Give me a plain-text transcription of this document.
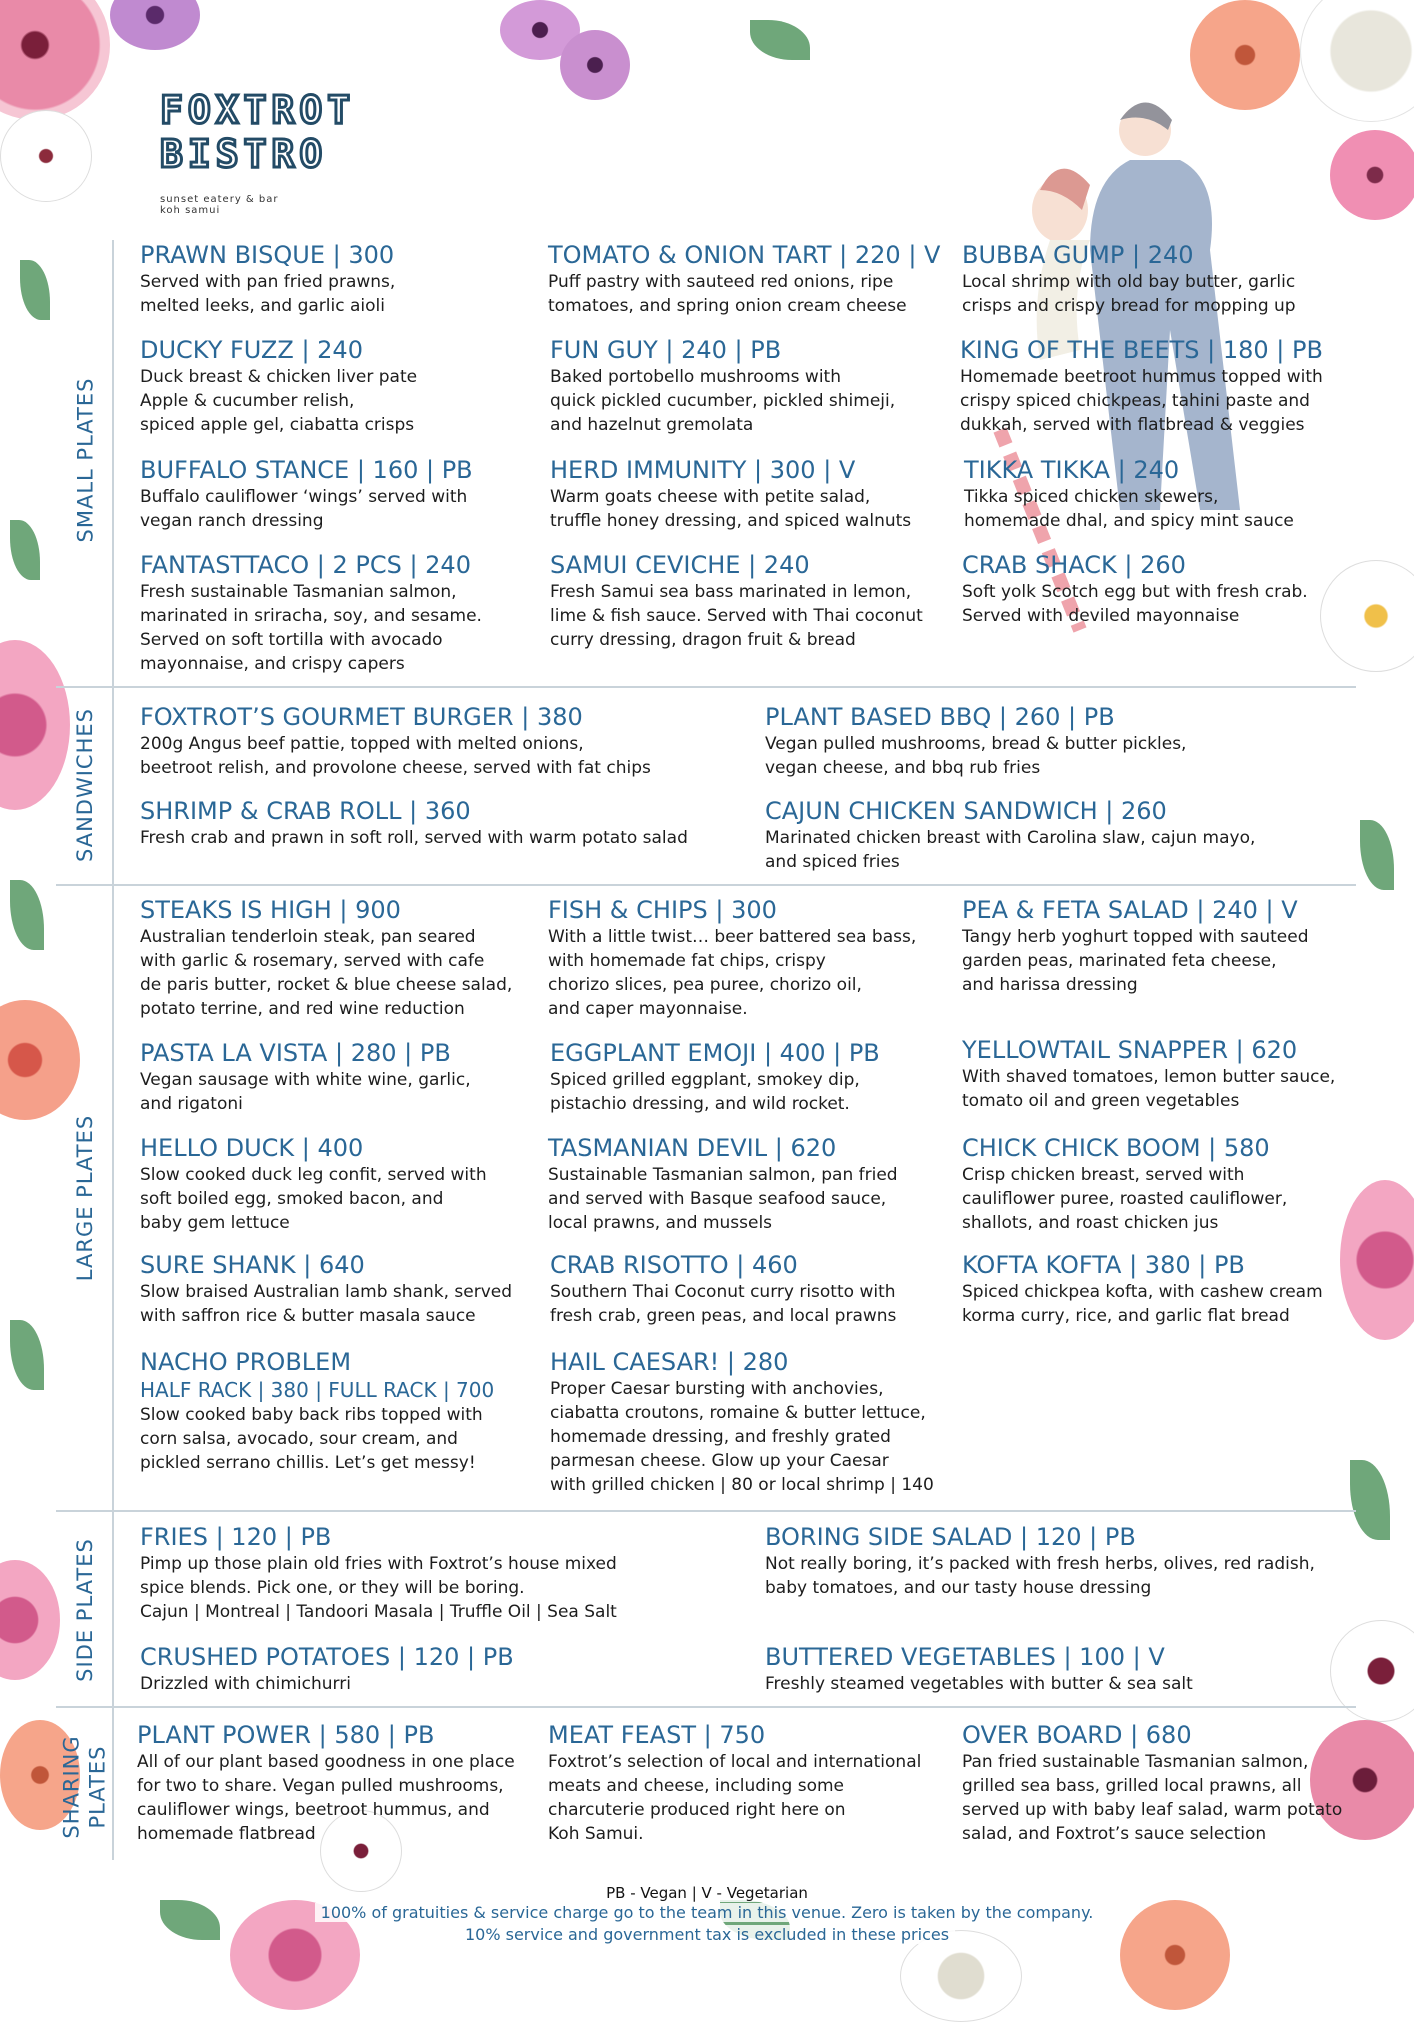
FOXTROT
BISTRO
sunset eatery & bar
koh samui
SMALL PLATES
SANDWICHES
LARGE PLATES
SIDE PLATES
SHARING PLATES
PRAWN BISQUE | 300

Served with pan fried prawns,
melted leeks, and garlic aioli

TOMATO & ONION TART | 220 | V

Puff pastry with sauteed red onions, ripe
tomatoes, and spring onion cream cheese

BUBBA GUMP | 240

Local shrimp with old bay butter, garlic
crisps and crispy bread for mopping up

DUCKY FUZZ | 240

Duck breast & chicken liver pate
Apple & cucumber relish,
spiced apple gel, ciabatta crisps

FUN GUY | 240 | PB

Baked portobello mushrooms with
quick pickled cucumber, pickled shimeji,
and hazelnut gremolata

KING OF THE BEETS | 180 | PB

Homemade beetroot hummus topped with
crispy spiced chickpeas, tahini paste and
dukkah, served with flatbread & veggies

BUFFALO STANCE | 160 | PB

Buffalo cauliflower ‘wings’ served with
vegan ranch dressing

HERD IMMUNITY | 300 | V

Warm goats cheese with petite salad,
truffle honey dressing, and spiced walnuts

TIKKA TIKKA | 240

Tikka spiced chicken skewers,
homemade dhal, and spicy mint sauce

FANTASTTACO | 2 PCS | 240

Fresh sustainable Tasmanian salmon,
marinated in sriracha, soy, and sesame.
Served on soft tortilla with avocado
mayonnaise, and crispy capers

SAMUI CEVICHE | 240

Fresh Samui sea bass marinated in lemon,
lime & fish sauce. Served with Thai coconut
curry dressing, dragon fruit & bread

CRAB SHACK | 260

Soft yolk Scotch egg but with fresh crab.
Served with deviled mayonnaise

FOXTROT’S GOURMET BURGER | 380

200g Angus beef pattie, topped with melted onions,
beetroot relish, and provolone cheese, served with fat chips

PLANT BASED BBQ | 260 | PB

Vegan pulled mushrooms, bread & butter pickles,
vegan cheese, and bbq rub fries

SHRIMP & CRAB ROLL | 360

Fresh crab and prawn in soft roll, served with warm potato salad

CAJUN CHICKEN SANDWICH | 260

Marinated chicken breast with Carolina slaw, cajun mayo,
and spiced fries

STEAKS IS HIGH | 900

Australian tenderloin steak, pan seared
with garlic & rosemary, served with cafe
de paris butter, rocket & blue cheese salad,
potato terrine, and red wine reduction

FISH & CHIPS | 300

With a little twist… beer battered sea bass,
with homemade fat chips, crispy
chorizo slices, pea puree, chorizo oil,
and caper mayonnaise.

PEA & FETA SALAD | 240 | V

Tangy herb yoghurt topped with sauteed
garden peas, marinated feta cheese,
and harissa dressing

PASTA LA VISTA | 280 | PB

Vegan sausage with white wine, garlic,
and rigatoni

EGGPLANT EMOJI | 400 | PB

Spiced grilled eggplant, smokey dip,
pistachio dressing, and wild rocket.

YELLOWTAIL SNAPPER | 620

With shaved tomatoes, lemon butter sauce,
tomato oil and green vegetables

HELLO DUCK | 400

Slow cooked duck leg confit, served with
soft boiled egg, smoked bacon, and
baby gem lettuce

TASMANIAN DEVIL | 620

Sustainable Tasmanian salmon, pan fried
and served with Basque seafood sauce,
local prawns, and mussels

CHICK CHICK BOOM | 580

Crisp chicken breast, served with
cauliflower puree, roasted cauliflower,
shallots, and roast chicken jus

SURE SHANK | 640

Slow braised Australian lamb shank, served
with saffron rice & butter masala sauce

CRAB RISOTTO | 460

Southern Thai Coconut curry risotto with
fresh crab, green peas, and local prawns

KOFTA KOFTA | 380 | PB

Spiced chickpea kofta, with cashew cream
korma curry, rice, and garlic flat bread

NACHO PROBLEM
HALF RACK | 380 | FULL RACK | 700

Slow cooked baby back ribs topped with
corn salsa, avocado, sour cream, and
pickled serrano chillis. Let’s get messy!

HAIL CAESAR! | 280

Proper Caesar bursting with anchovies,
ciabatta croutons, romaine & butter lettuce,
homemade dressing, and freshly grated
parmesan cheese. Glow up your Caesar
with grilled chicken | 80 or local shrimp | 140

FRIES | 120 | PB

Pimp up those plain old fries with Foxtrot’s house mixed
spice blends. Pick one, or they will be boring.
Cajun | Montreal | Tandoori Masala | Truffle Oil | Sea Salt

BORING SIDE SALAD | 120 | PB

Not really boring, it’s packed with fresh herbs, olives, red radish,
baby tomatoes, and our tasty house dressing

CRUSHED POTATOES | 120 | PB

Drizzled with chimichurri

BUTTERED VEGETABLES | 100 | V

Freshly steamed vegetables with butter & sea salt

PLANT POWER | 580 | PB

All of our plant based goodness in one place
for two to share. Vegan pulled mushrooms,
cauliflower wings, beetroot hummus, and
homemade flatbread

MEAT FEAST | 750

Foxtrot’s selection of local and international
meats and cheese, including some
charcuterie produced right here on
Koh Samui.

OVER BOARD | 680

Pan fried sustainable Tasmanian salmon,
grilled sea bass, grilled local prawns, all
served up with baby leaf salad, warm potato
salad, and Foxtrot’s sauce selection

PB - Vegan | V - Vegetarian
100% of gratuities & service charge go to the team in this venue. Zero is taken by the company.
10% service and government tax is excluded in these prices
